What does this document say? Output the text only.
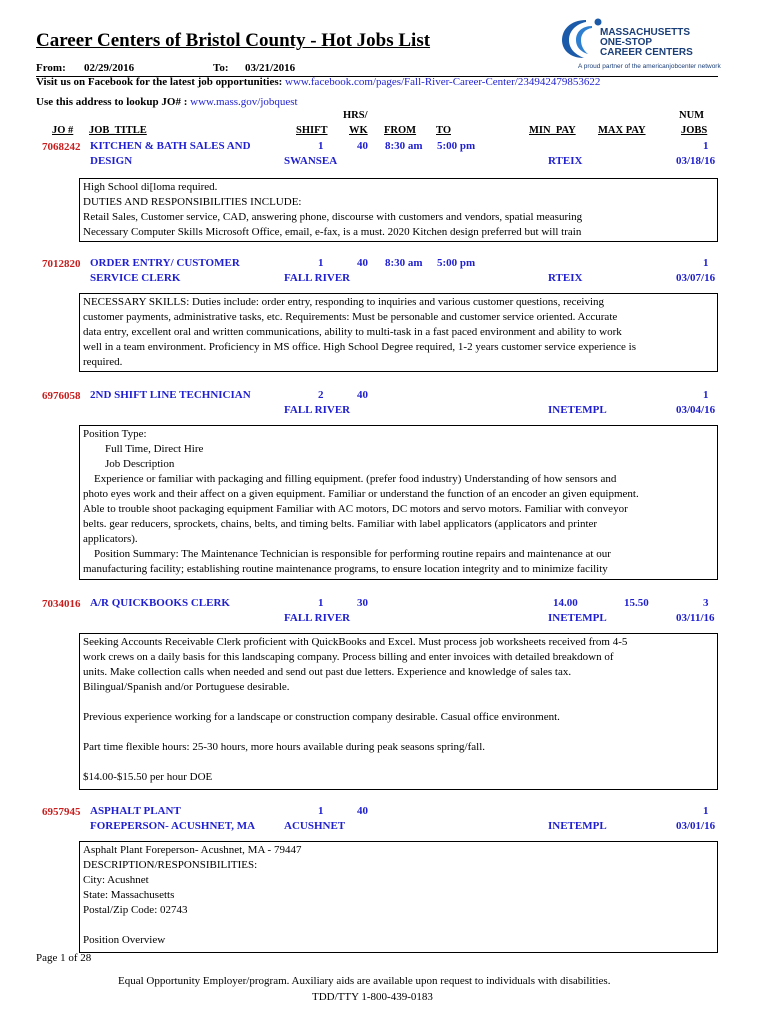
Career Centers of Bristol County - Hot Jobs List	MASSACHUSETTS
ONE-STOP
CAREER CENTERS
A proud partner of the americanjobcenter network
From: 02/29/2016	To: 03/21/2016
Visit us on Facebook for the latest job opportunities: www.facebook.com/pages/Fall-River-Career-Center/234942479853622
Use this address to lookup JO# : www.mass.gov/jobquest
HRS/	NUM
JO # JOB_TITLE	SHIFT WK FROM TO	MIN_PAY MAX PAY	JOBS
7068242 KITCHEN & BATH SALES AND
DESIGN
1	40 8:30 am 5:00 pm	1
SWANSEA	RTEIX	03/18/16

High School di[loma required.

DUTIES AND RESPONSIBILITIES INCLUDE:

Retail Sales, Customer service, CAD, answering phone, discourse with customers and vendors, spatial measuring

Necessary Computer Skills Microsoft Office, email, e-fax, is a must. 2020 Kitchen design preferred but will train

7012820 ORDER ENTRY/ CUSTOMER
SERVICE CLERK
1	40 8:30 am 5:00 pm	1
FALL RIVER	RTEIX	03/07/16

NECESSARY SKILLS: Duties include: order entry, responding to inquiries and various customer questions, receiving

customer payments, administrative tasks, etc. Requirements: Must be personable and customer service oriented. Accurate

data entry, excellent oral and written communications, ability to multi-task in a fast paced environment and ability to work

well in a team environment. Proficiency in MS office. High School Degree required, 1-2 years customer service experience is

required.

6976058 2ND SHIFT LINE TECHNICIAN	2	40	1
FALL RIVER	INETEMPL	03/04/16

Position Type:

Full Time, Direct Hire

Job Description

Experience or familiar with packaging and filling equipment. (prefer food industry) Understanding of how sensors and

photo eyes work and their affect on a given equipment. Familiar or understand the function of an encoder an given equipment.

Able to trouble shoot packaging equipment Familiar with AC motors, DC motors and servo motors. Familiar with conveyor

belts. gear reducers, sprockets, chains, belts, and timing belts. Familiar with label applicators (applicators and printer

applicators).

Position Summary: The Maintenance Technician is responsible for performing routine repairs and maintenance at our

manufacturing facility; establishing routine maintenance programs, to ensure location integrity and to minimize facility

7034016 A/R QUICKBOOKS CLERK	1	30	14.00	15.50	3
FALL RIVER	INETEMPL	03/11/16

Seeking Accounts Receivable Clerk proficient with QuickBooks and Excel. Must process job worksheets received from 4-5

work crews on a daily basis for this landscaping company. Process billing and enter invoices with detailed breakdown of

units. Make collection calls when needed and send out past due letters. Experience and knowledge of sales tax.

Bilingual/Spanish and/or Portuguese desirable.

Previous experience working for a landscape or construction company desirable. Casual office environment.

Part time flexible hours: 25-30 hours, more hours available during peak seasons spring/fall.

$14.00-$15.50 per hour DOE

6957945 ASPHALT PLANT
FOREPERSON- ACUSHNET, MA
1	40	1
ACUSHNET	INETEMPL	03/01/16

Asphalt Plant Foreperson- Acushnet, MA - 79447

DESCRIPTION/RESPONSIBILITIES:

City: Acushnet

State: Massachusetts

Postal/Zip Code: 02743

Position Overview

Page 1 of 28
Equal Opportunity Employer/program. Auxiliary aids are available upon request to individuals with disabilities.
TDD/TTY 1-800-439-0183
